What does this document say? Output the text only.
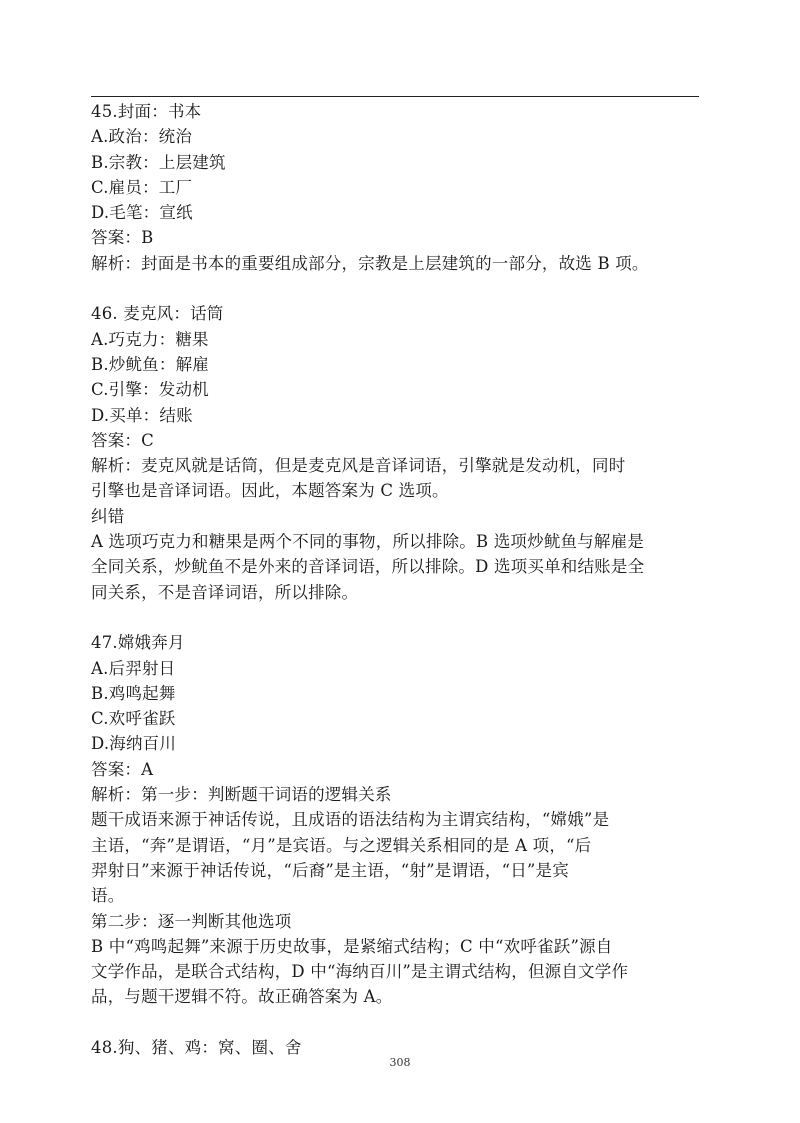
45.封面：书本
A.政治：统治
B.宗教：上层建筑
C.雇员：工厂
D.毛笔：宣纸
答案：B
解析：封面是书本的重要组成部分，宗教是上层建筑的一部分，故选 B 项。
46. 麦克风：话筒
A.巧克力：糖果
B.炒鱿鱼：解雇
C.引擎：发动机
D.买单：结账
答案：C
解析：麦克风就是话筒，但是麦克风是音译词语，引擎就是发动机，同时
引擎也是音译词语。因此，本题答案为 C 选项。
纠错
A 选项巧克力和糖果是两个不同的事物，所以排除。B 选项炒鱿鱼与解雇是
全同关系，炒鱿鱼不是外来的音译词语，所以排除。D 选项买单和结账是全
同关系，不是音译词语，所以排除。
47.嫦娥奔月
A.后羿射日
B.鸡鸣起舞
C.欢呼雀跃
D.海纳百川
答案：A
解析：第一步：判断题干词语的逻辑关系
题干成语来源于神话传说，且成语的语法结构为主谓宾结构，“嫦娥”是
主语，“奔”是谓语，“月”是宾语。与之逻辑关系相同的是 A 项，“后
羿射日”来源于神话传说，“后裔”是主语，“射”是谓语，“日”是宾
语。
第二步：逐一判断其他选项
B 中“鸡鸣起舞”来源于历史故事，是紧缩式结构；C 中“欢呼雀跃”源自
文学作品，是联合式结构，D 中“海纳百川”是主谓式结构，但源自文学作
品，与题干逻辑不符。故正确答案为 A。
48.狗、猪、鸡：窝、圈、舍
308
